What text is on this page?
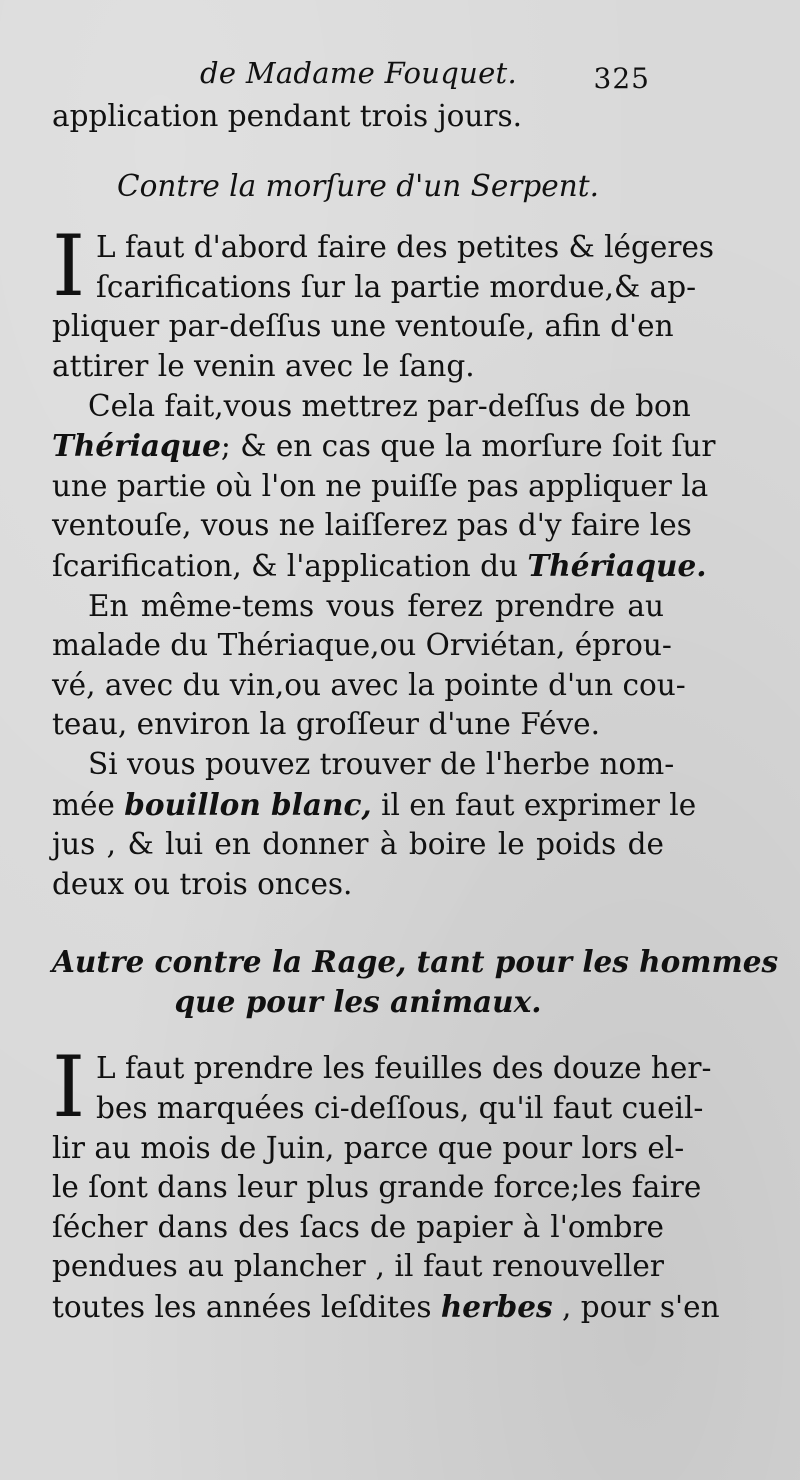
de Madame Fouquet.	325
application pendant trois jours.
Contre la morſure d'un Serpent.
I L faut d'abord faire des petites & légeres
ſcarifications ſur la partie mordue,& ap-
pliquer par-deſſus une ventouſe, afin d'en
attirer le venin avec le ſang.
Cela fait,vous mettrez par-deſſus de bon
Thériaque; & en cas que la morſure ſoit ſur
une partie où l'on ne puiſſe pas appliquer la
ventouſe, vous ne laiſſerez pas d'y faire les
ſcarification, & l'application du Thériaque.
En même-tems vous ferez prendre au
malade du Thériaque,ou Orviétan, éprou-
vé, avec du vin,ou avec la pointe d'un cou-
teau, environ la groſſeur d'une Féve.
Si vous pouvez trouver de l'herbe nom-
mée bouillon blanc, il en faut exprimer le
jus , & lui en donner à boire le poids de
deux ou trois onces.
Autre contre la Rage, tant pour les hommes
que pour les animaux.
I L faut prendre les feuilles des douze her-
bes marquées ci-deſſous, qu'il faut cueil-
lir au mois de Juin, parce que pour lors el-
le ſont dans leur plus grande force;les faire
ſécher dans des ſacs de papier à l'ombre
pendues au plancher , il faut renouveller
toutes les années leſdites herbes , pour s'en
